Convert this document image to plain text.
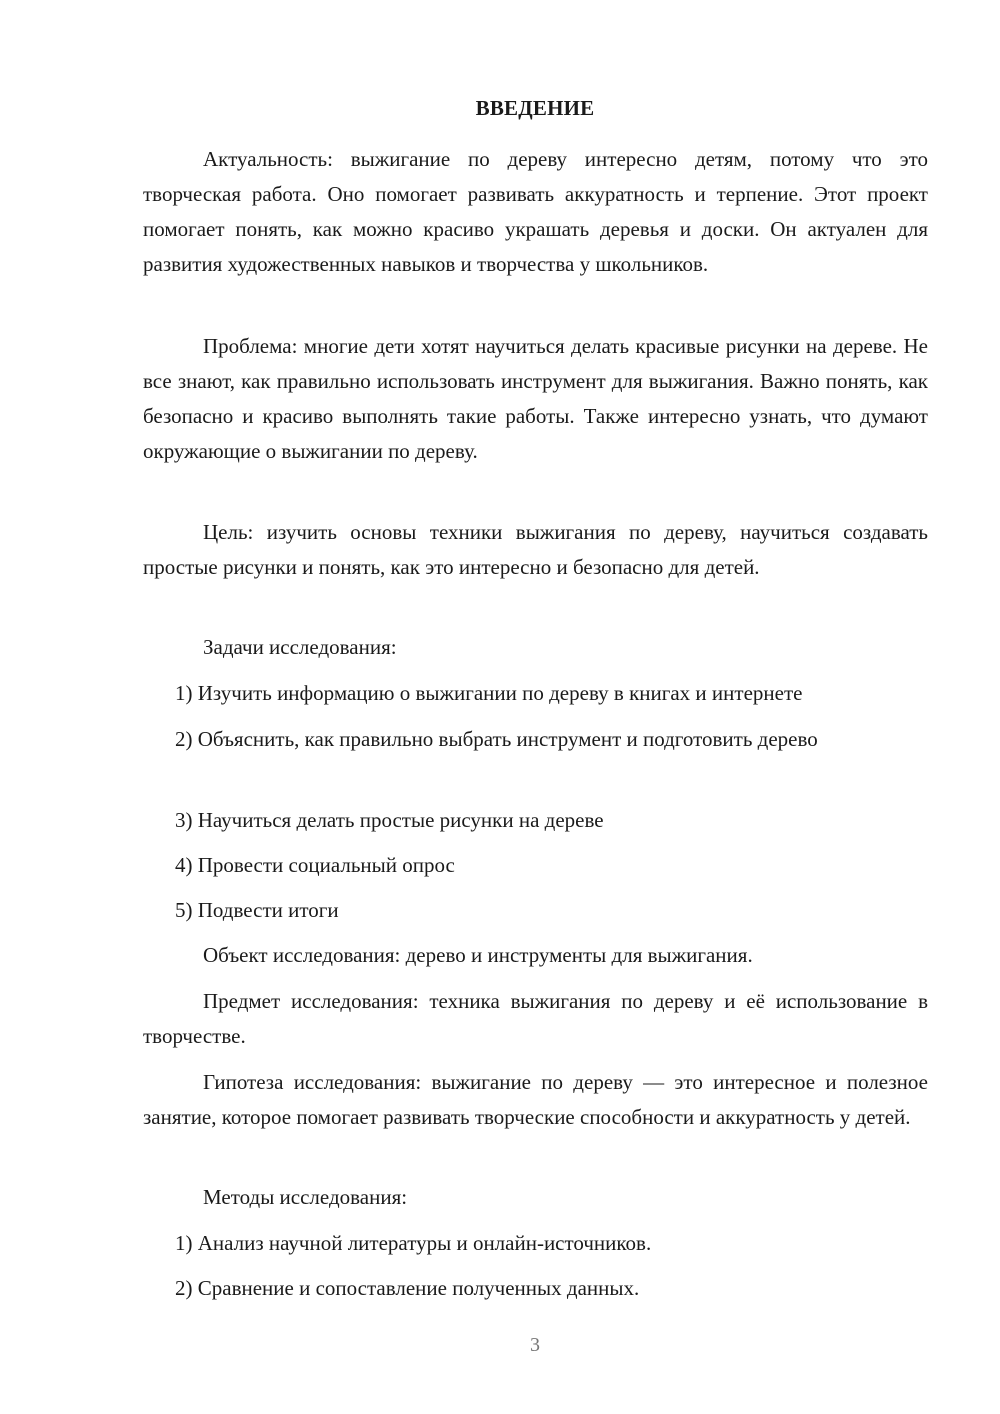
ВВЕДЕНИЕ

Актуальность: выжигание по дереву интересно детям, потому что это творческая работа. Оно помогает развивать аккуратность и терпение. Этот проект помогает понять, как можно красиво украшать деревья и доски. Он актуален для развития художественных навыков и творчества у школьников.

Проблема: многие дети хотят научиться делать красивые рисунки на дереве. Не все знают, как правильно использовать инструмент для выжигания. Важно понять, как безопасно и красиво выполнять такие работы. Также интересно узнать, что думают окружающие о выжигании по дереву.

Цель: изучить основы техники выжигания по дереву, научиться создавать простые рисунки и понять, как это интересно и безопасно для детей.

Задачи исследования:

1) Изучить информацию о выжигании по дереву в книгах и интернете

2) Объяснить, как правильно выбрать инструмент и подготовить дерево

3) Научиться делать простые рисунки на дереве

4) Провести социальный опрос

5) Подвести итоги

Объект исследования: дерево и инструменты для выжигания.

Предмет исследования: техника выжигания по дереву и её использование в творчестве.

Гипотеза исследования: выжигание по дереву — это интересное и полезное занятие, которое помогает развивать творческие способности и аккуратность у детей.

Методы исследования:

1) Анализ научной литературы и онлайн-источников.

2) Сравнение и сопоставление полученных данных.

3
